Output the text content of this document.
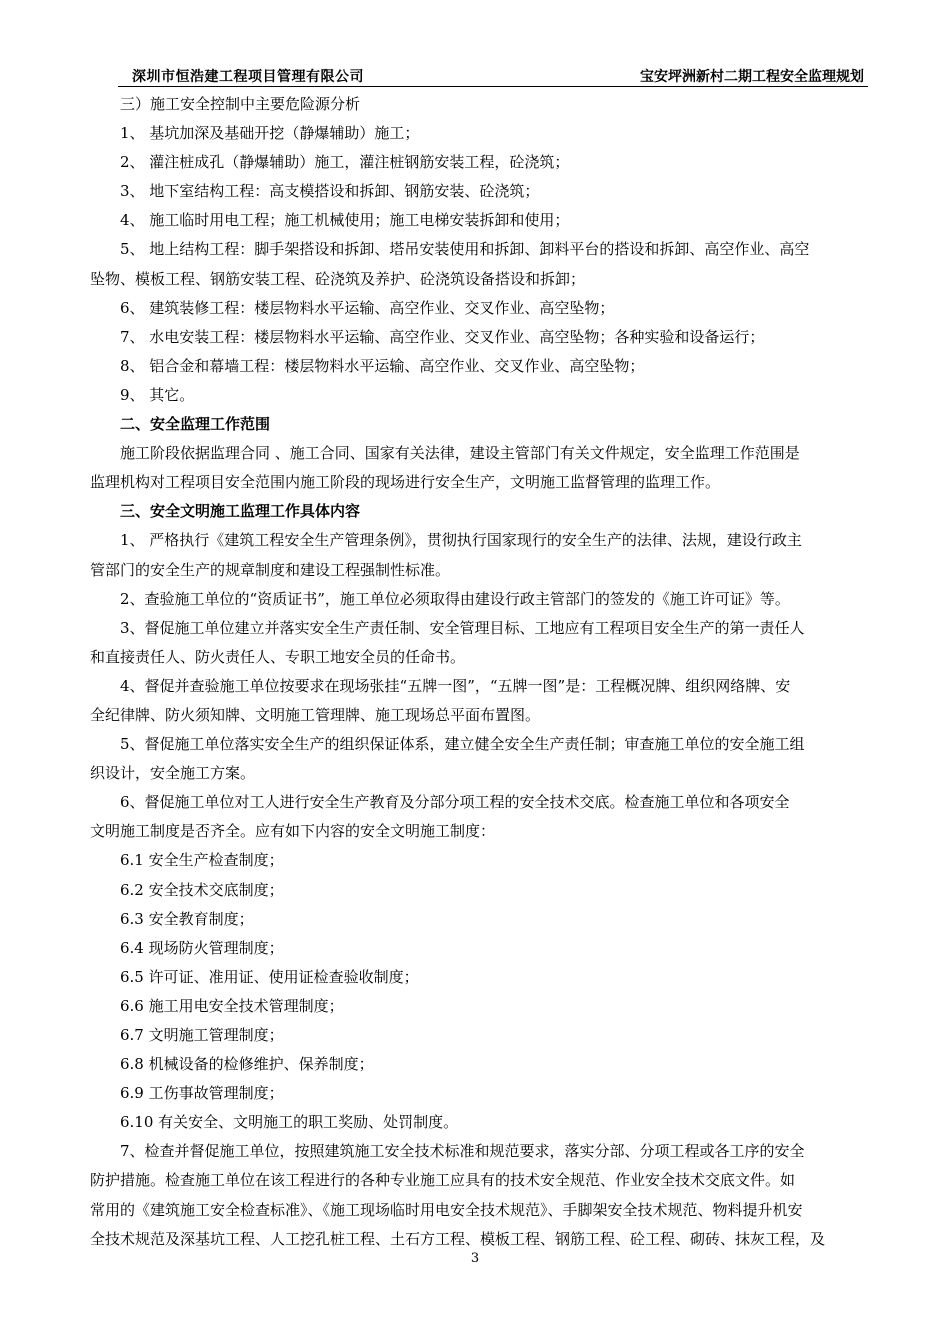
深圳市恒浩建工程项目管理有限公司	宝安坪洲新村二期工程安全监理规划
三）施工安全控制中主要危险源分析
1、 基坑加深及基础开挖（静爆辅助）施工；
2、 灌注桩成孔（静爆辅助）施工，灌注桩钢筋安装工程，砼浇筑；
3、 地下室结构工程：高支模搭设和拆卸、钢筋安装、砼浇筑；
4、 施工临时用电工程；施工机械使用；施工电梯安装拆卸和使用；
5、 地上结构工程：脚手架搭设和拆卸、塔吊安装使用和拆卸、卸料平台的搭设和拆卸、高空作业、高空
坠物、模板工程、钢筋安装工程、砼浇筑及养护、砼浇筑设备搭设和拆卸；
6、 建筑装修工程：楼层物料水平运输、高空作业、交叉作业、高空坠物；
7、 水电安装工程：楼层物料水平运输、高空作业、交叉作业、高空坠物；各种实验和设备运行；
8、 铝合金和幕墙工程：楼层物料水平运输、高空作业、交叉作业、高空坠物；
9、 其它。
二、安全监理工作范围
施工阶段依据监理合同 、施工合同、国家有关法律，建设主管部门有关文件规定，安全监理工作范围是
监理机构对工程项目安全范围内施工阶段的现场进行安全生产，文明施工监督管理的监理工作。
三、安全文明施工监理工作具体内容
1、 严格执行《建筑工程安全生产管理条例》，贯彻执行国家现行的安全生产的法律、法规，建设行政主
管部门的安全生产的规章制度和建设工程强制性标准。
2、查验施工单位的“资质证书”，施工单位必须取得由建设行政主管部门的签发的《施工许可证》等。
3、督促施工单位建立并落实安全生产责任制、安全管理目标、工地应有工程项目安全生产的第一责任人
和直接责任人、防火责任人、专职工地安全员的任命书。
4、督促并查验施工单位按要求在现场张挂“五牌一图”，“五牌一图”是：工程概况牌、组织网络牌、安
全纪律牌、防火须知牌、文明施工管理牌、施工现场总平面布置图。
5、督促施工单位落实安全生产的组织保证体系，建立健全安全生产责任制；审查施工单位的安全施工组
织设计，安全施工方案。
6、督促施工单位对工人进行安全生产教育及分部分项工程的安全技术交底。检查施工单位和各项安全
文明施工制度是否齐全。应有如下内容的安全文明施工制度：
6.1 安全生产检查制度；
6.2 安全技术交底制度；
6.3 安全教育制度；
6.4 现场防火管理制度；
6.5 许可证、准用证、使用证检查验收制度；
6.6 施工用电安全技术管理制度；
6.7 文明施工管理制度；
6.8 机械设备的检修维护、保养制度；
6.9 工伤事故管理制度；
6.10 有关安全、文明施工的职工奖励、处罚制度。
7、检查并督促施工单位，按照建筑施工安全技术标准和规范要求，落实分部、分项工程或各工序的安全
防护措施。检查施工单位在该工程进行的各种专业施工应具有的技术安全规范、作业安全技术交底文件。如
常用的《建筑施工安全检查标准》、《施工现场临时用电安全技术规范》、手脚架安全技术规范、物料提升机安
全技术规范及深基坑工程、人工挖孔桩工程、土石方工程、模板工程、钢筋工程、砼工程、砌砖、抹灰工程，及
3
